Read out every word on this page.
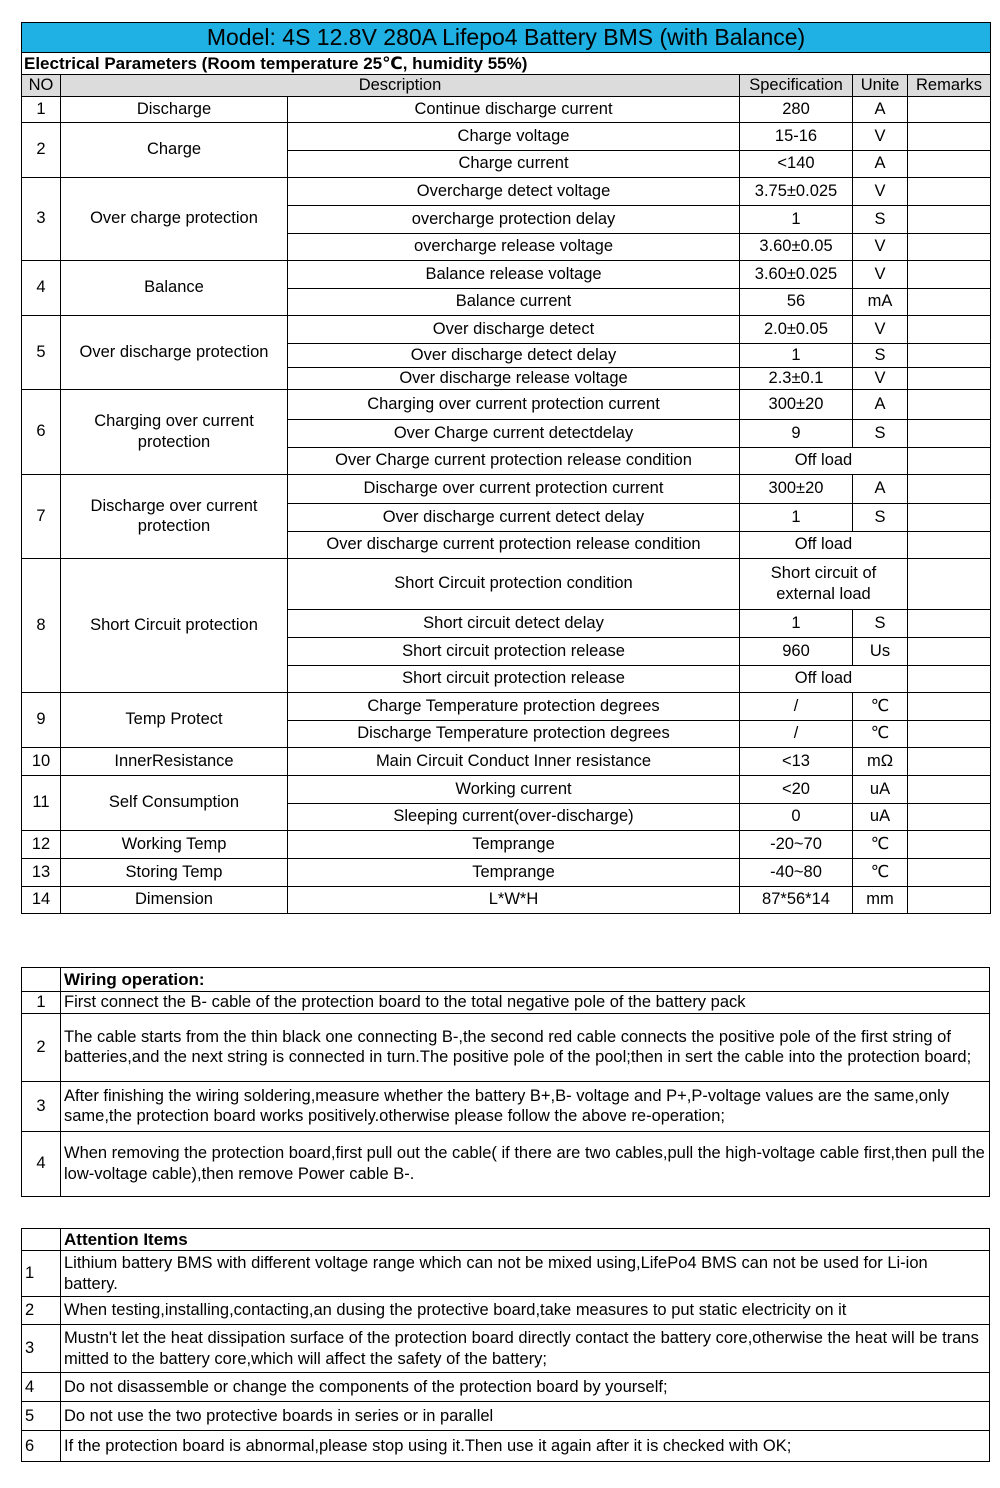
Model: 4S 12.8V 280A Lifepo4 Battery BMS (with Balance)					
Electrical Parameters (Room temperature 25℃, humidity 55%)					
NO	Description		Specification	Unite	Remarks
1	Discharge	Continue discharge current	280	A	
2	Charge	Charge voltage	15-16	V	
		Charge current	<140	A	
3	Over charge protection	Overcharge detect voltage	3.75±0.025	V	
		overcharge protection delay	1	S	
		overcharge release voltage	3.60±0.05	V	
4	Balance	Balance release voltage	3.60±0.025	V	
		Balance current	56	mA	
5	Over discharge protection	Over discharge detect	2.0±0.05	V	
		Over discharge detect delay	1	S	
		Over discharge release voltage	2.3±0.1	V	
6	Charging over current protection	Charging over current protection current	300±20	A	
		Over Charge current detectdelay	9	S	
		Over Charge current protection release condition	Off load		
7	Discharge over current protection	Discharge over current protection current	300±20	A	
		Over discharge current detect delay	1	S	
		Over discharge current protection release condition	Off load		
8	Short Circuit protection	Short Circuit protection condition	Short circuit of external load		
		Short circuit detect delay	1	S	
		Short circuit protection release	960	Us	
		Short circuit protection release	Off load		
9	Temp Protect	Charge Temperature protection degrees	/	℃	
		Discharge Temperature protection degrees	/	℃	
10	InnerResistance	Main Circuit Conduct Inner resistance	<13	mΩ	
11	Self Consumption	Working current	<20	uA	
		Sleeping current(over-discharge)	0	uA	
12	Working Temp	Temprange	-20~70	℃	
13	Storing Temp	Temprange	-40~80	℃	
14	Dimension	L*W*H	87*56*14	mm	
	Wiring operation:
1	First connect the B- cable of the protection board to the total negative pole of the battery pack
2	The cable starts from the thin black one connecting B-,the second red cable connects the positive pole of the first string of batteries,and the next string is connected in turn.The positive pole of the pool;then in sert the cable into the protection board;
3	After finishing the wiring soldering,measure whether the battery B+,B- voltage and P+,P-voltage values are the same,only same,the protection board works positively.otherwise please follow the above re-operation;
4	When removing the protection board,first pull out the cable( if there are two cables,pull the high-voltage cable first,then pull the low-voltage cable),then remove Power cable B-.
	Attention Items
1	Lithium battery BMS with different voltage range which can not be mixed using,LifePo4 BMS can not be used for Li-ion battery.
2	When testing,installing,contacting,an dusing the protective board,take measures to put static electricity on it
3	Mustn't let the heat dissipation surface of the protection board directly contact the battery core,otherwise the heat will be trans mitted to the battery core,which will affect the safety of the battery;
4	Do not disassemble or change the components of the protection board by yourself;
5	Do not use the two protective boards in series or in parallel
6	If the protection board is abnormal,please stop using it.Then use it again after it is checked with OK;
